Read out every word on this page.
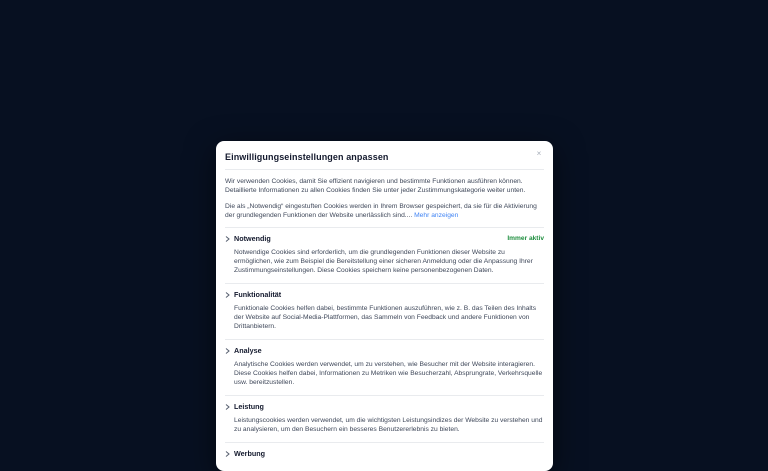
Einwilligungseinstellungen anpassen	×

Wir verwenden Cookies, damit Sie effizient navigieren und bestimmte Funktionen ausführen können. Detaillierte Informationen zu allen Cookies finden Sie unter jeder Zustimmungskategorie weiter unten.

Die als „Notwendig“ eingestuften Cookies werden in Ihrem Browser gespeichert, da sie für die Aktivierung der grundlegenden Funktionen der Website unerlässlich sind.... Mehr anzeigen

Notwendig	Immer aktiv

Notwendige Cookies sind erforderlich, um die grundlegenden Funktionen dieser Website zu ermöglichen, wie zum Beispiel die Bereitstellung einer sicheren Anmeldung oder die Anpassung Ihrer Zustimmungseinstellungen. Diese Cookies speichern keine personenbezogenen Daten.

Funktionalität

Funktionale Cookies helfen dabei, bestimmte Funktionen auszuführen, wie z. B. das Teilen des Inhalts der Website auf Social-Media-Plattformen, das Sammeln von Feedback und andere Funktionen von Drittanbietern.

Analyse

Analytische Cookies werden verwendet, um zu verstehen, wie Besucher mit der Website interagieren. Diese Cookies helfen dabei, Informationen zu Metriken wie Besucherzahl, Absprungrate, Verkehrsquelle usw. bereitzustellen.

Leistung

Leistungscookies werden verwendet, um die wichtigsten Leistungsindizes der Website zu verstehen und zu analysieren, um den Besuchern ein besseres Benutzererlebnis zu bieten.

Werbung
